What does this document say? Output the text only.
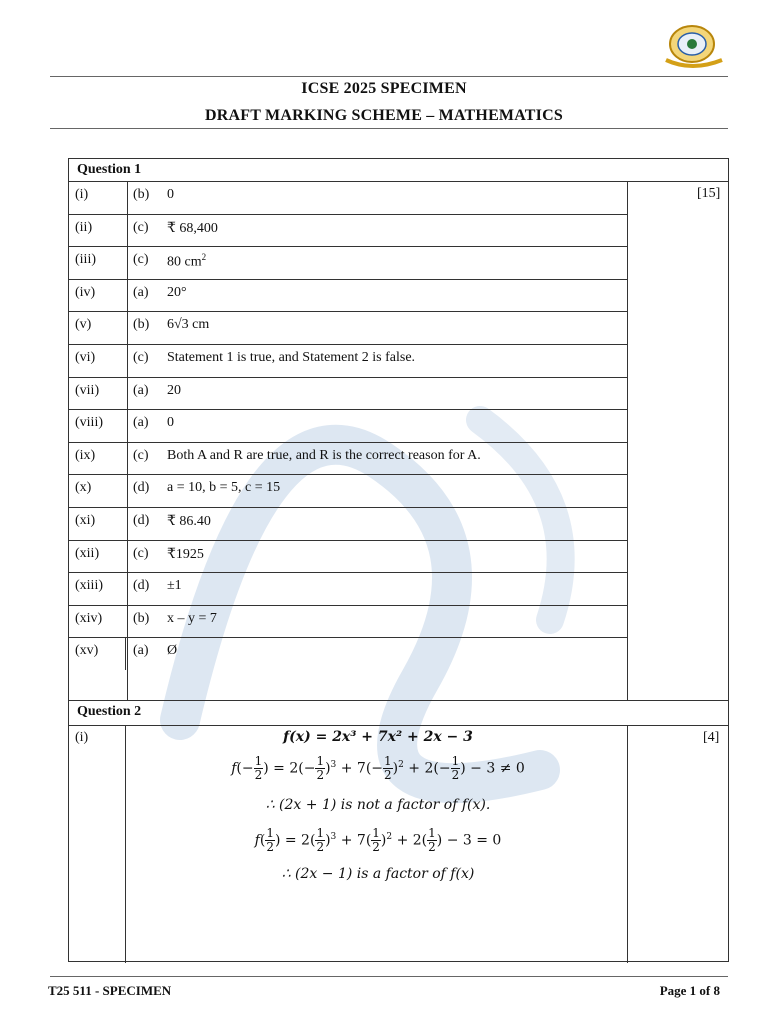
ICSE 2025 SPECIMEN
DRAFT MARKING SCHEME – MATHEMATICS
Question 1
[15]
(i)	(b) 0
(ii)	(c) ₹ 68,400
(iii)	(c) 80 $cm^2$
(iv)	(a) 20°
(v)	(b) 6√3 cm
(vi)	(c) Statement 1 is true, and Statement 2 is false.
(vii) (a) 20
(viii) (a) 0
(ix)	(c) Both A and R are true, and R is the correct reason for A.
(x)	(d) a = 10, b = 5, c = 15
(xi)	(d) ₹ 86.40
(xii) (c) ₹1925
(xiii) (d) ±1
(xiv) (b) x – y = 7
(xv) (a) Ø
Question 2
(i)	[4]
f(x) = 2x³ + 7x² + 2x − 3
$f(- \frac{1}{2}$ ) = $2(- \frac{1}{2} )^3 + 7(- \frac{1}{2} )^2 + 2(- \frac{1}{2}$ ) − 3 ≠ 0
∴ (2x + 1) is not a factor of f(x).
$f( \frac{1}{2}$ ) = $2( \frac{1}{2} )^3 + 7( \frac{1}{2} )^2 + 2( \frac{1}{2}$ ) − 3 = 0
∴ (2x − 1) is a factor of f(x)
T25 511 - SPECIMEN	Page 1 of 8
